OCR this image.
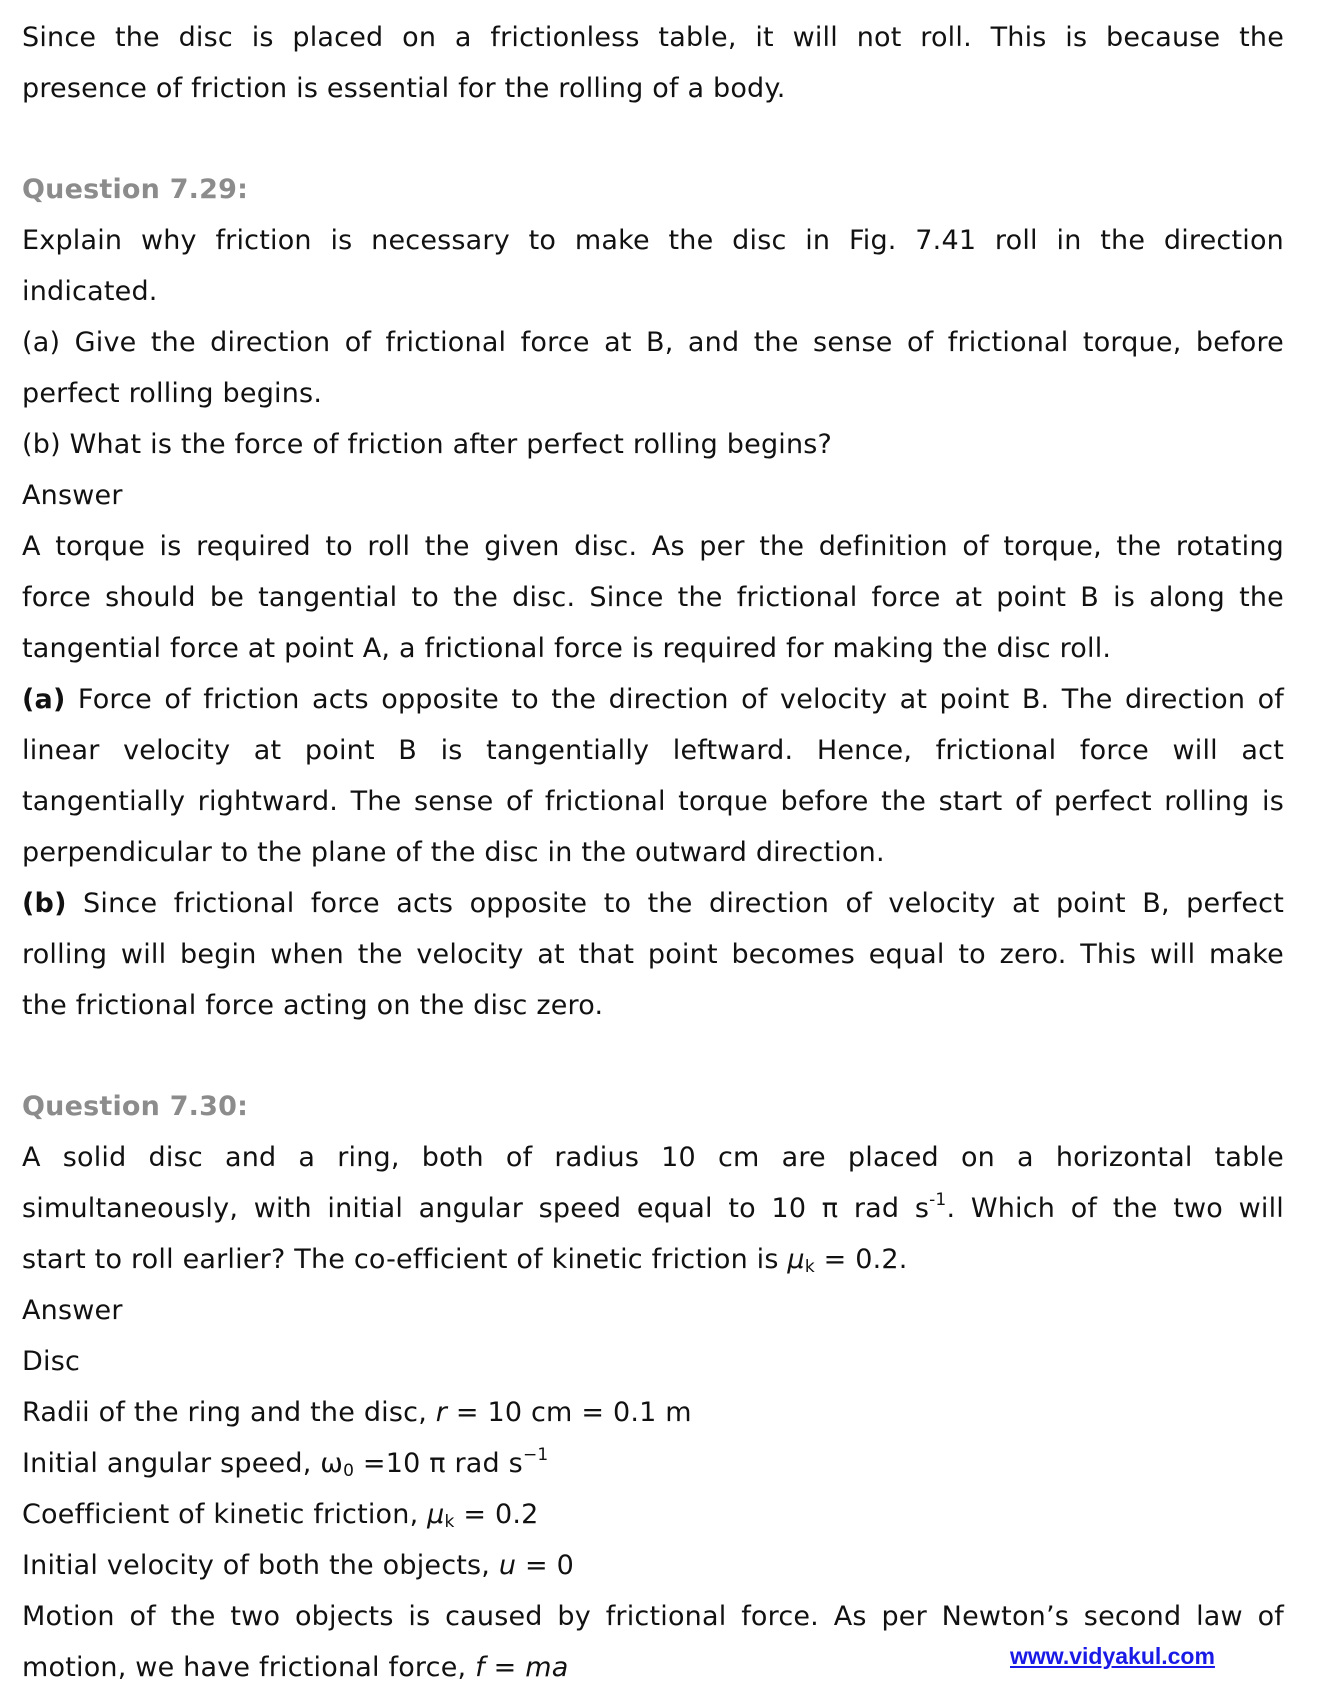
Since the disc is placed on a frictionless table, it will not roll. This is because the
presence of friction is essential for the rolling of a body.
Question 7.29:
Explain why friction is necessary to make the disc in Fig. 7.41 roll in the direction
indicated.
(a) Give the direction of frictional force at B, and the sense of frictional torque, before
perfect rolling begins.
(b) What is the force of friction after perfect rolling begins?
Answer
A torque is required to roll the given disc. As per the definition of torque, the rotating
force should be tangential to the disc. Since the frictional force at point B is along the
tangential force at point A, a frictional force is required for making the disc roll.
(a) Force of friction acts opposite to the direction of velocity at point B. The direction of
linear velocity at point B is tangentially leftward. Hence, frictional force will act
tangentially rightward. The sense of frictional torque before the start of perfect rolling is
perpendicular to the plane of the disc in the outward direction.
(b) Since frictional force acts opposite to the direction of velocity at point B, perfect
rolling will begin when the velocity at that point becomes equal to zero. This will make
the frictional force acting on the disc zero.
Question 7.30:
A solid disc and a ring, both of radius 10 cm are placed on a horizontal table
simultaneously, with initial angular speed equal to 10 π rad $s^{-1}$. Which of the two will
start to roll earlier? The co-efficient of kinetic friction is $\mu_k = 0.2$.
Answer
Disc
Radii of the ring and the disc, r = 10 cm = 0.1 m
Initial angular speed, $\omega_0 =10$ π rad $s^{-1}$
Coefficient of kinetic friction, $\mu_k = 0.2$
Initial velocity of both the objects, u = 0
Motion of the two objects is caused by frictional force. As per Newton’s second law of
motion, we have frictional force, f = ma	www.vidyakul.com
